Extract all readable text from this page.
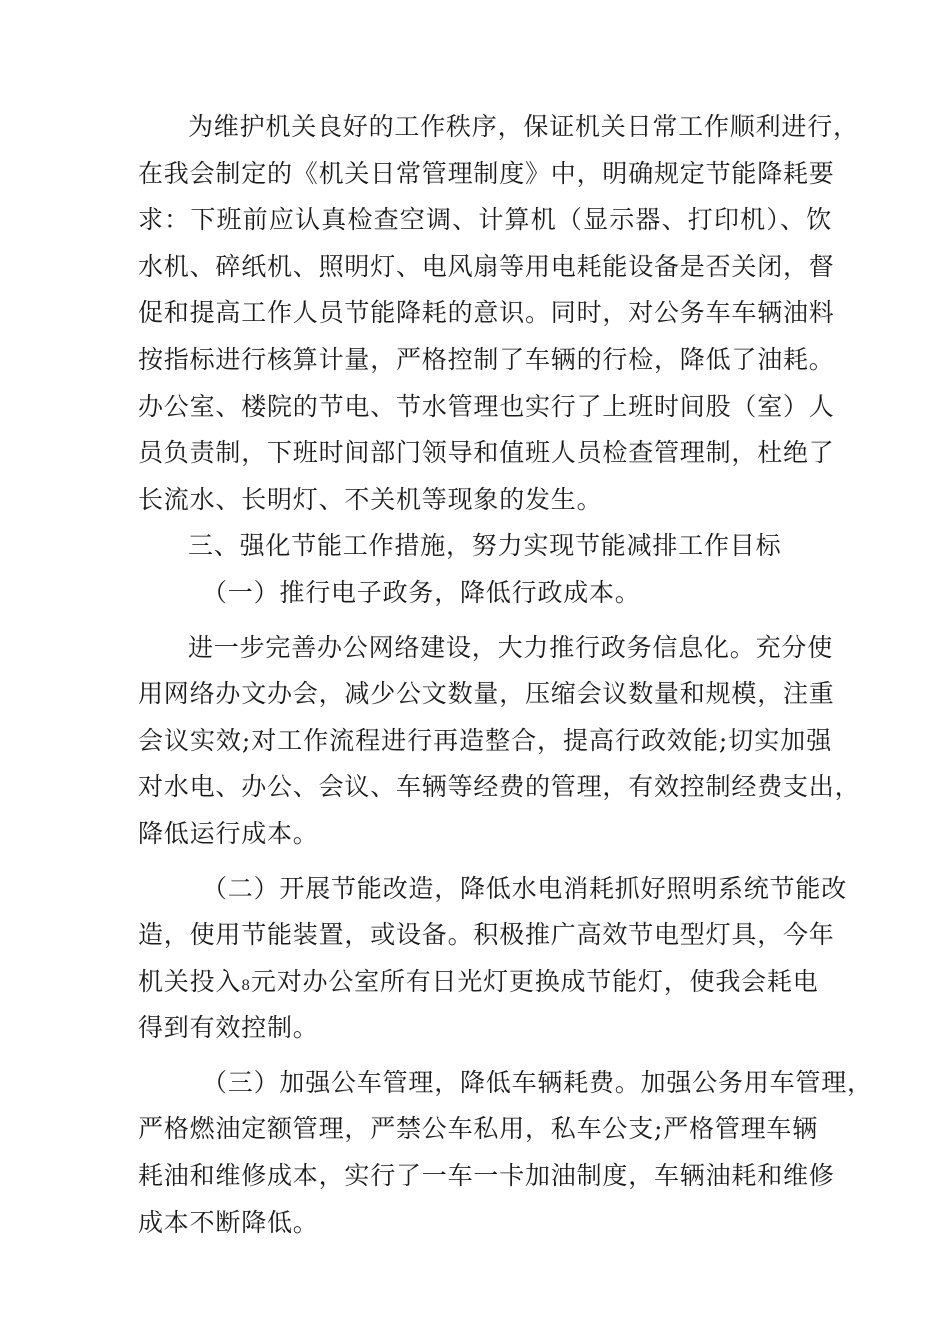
为维护机关良好的工作秩序，保证机关日常工作顺利进行，
在我会制定的《机关日常管理制度》中，明确规定节能降耗要
求：下班前应认真检查空调、计算机（显示器、打印机）、饮
水机、碎纸机、照明灯、电风扇等用电耗能设备是否关闭，督
促和提高工作人员节能降耗的意识。同时，对公务车车辆油料
按指标进行核算计量，严格控制了车辆的行检，降低了油耗。
办公室、楼院的节电、节水管理也实行了上班时间股（室）人
员负责制，下班时间部门领导和值班人员检查管理制，杜绝了
长流水、长明灯、不关机等现象的发生。
三、强化节能工作措施，努力实现节能减排工作目标
（一）推行电子政务，降低行政成本。
进一步完善办公网络建设，大力推行政务信息化。充分使
用网络办文办会，减少公文数量，压缩会议数量和规模，注重
会议实效;对工作流程进行再造整合，提高行政效能;切实加强
对水电、办公、会议、车辆等经费的管理，有效控制经费支出，
降低运行成本。
（二）开展节能改造，降低水电消耗抓好照明系统节能改
造，使用节能装置，或设备。积极推广高效节电型灯具，今年
机关投入8元对办公室所有日光灯更换成节能灯，使我会耗电
得到有效控制。
（三）加强公车管理，降低车辆耗费。加强公务用车管理，
严格燃油定额管理，严禁公车私用，私车公支;严格管理车辆
耗油和维修成本，实行了一车一卡加油制度，车辆油耗和维修
成本不断降低。
